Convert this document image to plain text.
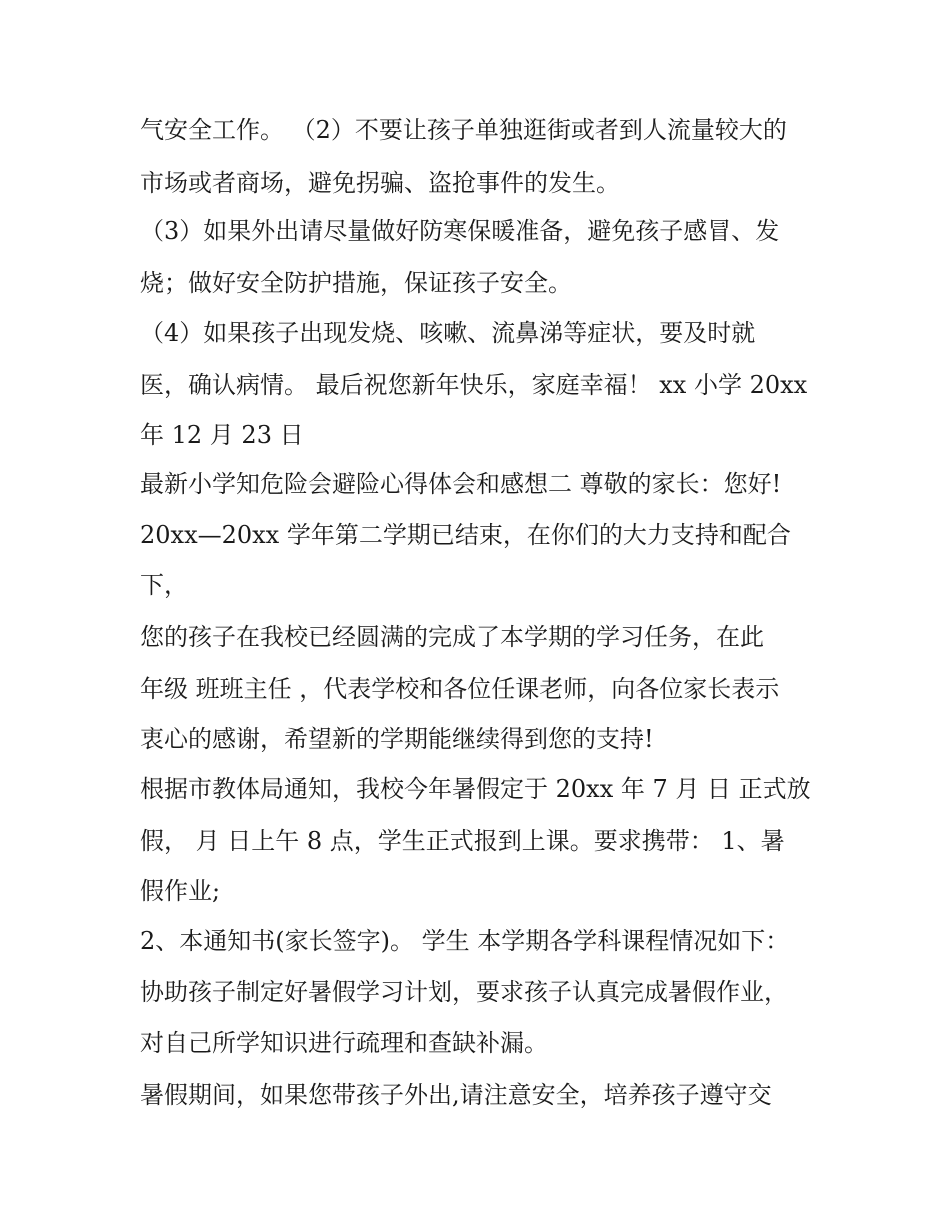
气安全工作。 （2）不要让孩子单独逛街或者到人流量较大的
市场或者商场，避免拐骗、盗抢事件的发生。
（3）如果外出请尽量做好防寒保暖准备，避免孩子感冒、发
烧；做好安全防护措施，保证孩子安全。
（4）如果孩子出现发烧、咳嗽、流鼻涕等症状，要及时就
医，确认病情。 最后祝您新年快乐，家庭幸福！ xx 小学 20xx
年 12 月 23 日
最新小学知危险会避险心得体会和感想二 尊敬的家长：您好!
20xx—20xx 学年第二学期已结束，在你们的大力支持和配合
下，
您的孩子在我校已经圆满的完成了本学期的学习任务，在此
年级 班班主任 ，代表学校和各位任课老师，向各位家长表示
衷心的感谢，希望新的学期能继续得到您的支持!
根据市教体局通知，我校今年暑假定于 20xx 年 7 月 日 正式放
假， 月 日上午 8 点，学生正式报到上课。要求携带： 1、暑
假作业;
2、本通知书(家长签字)。 学生 本学期各学科课程情况如下：
协助孩子制定好暑假学习计划，要求孩子认真完成暑假作业，
对自己所学知识进行疏理和查缺补漏。
暑假期间，如果您带孩子外出,请注意安全，培养孩子遵守交
